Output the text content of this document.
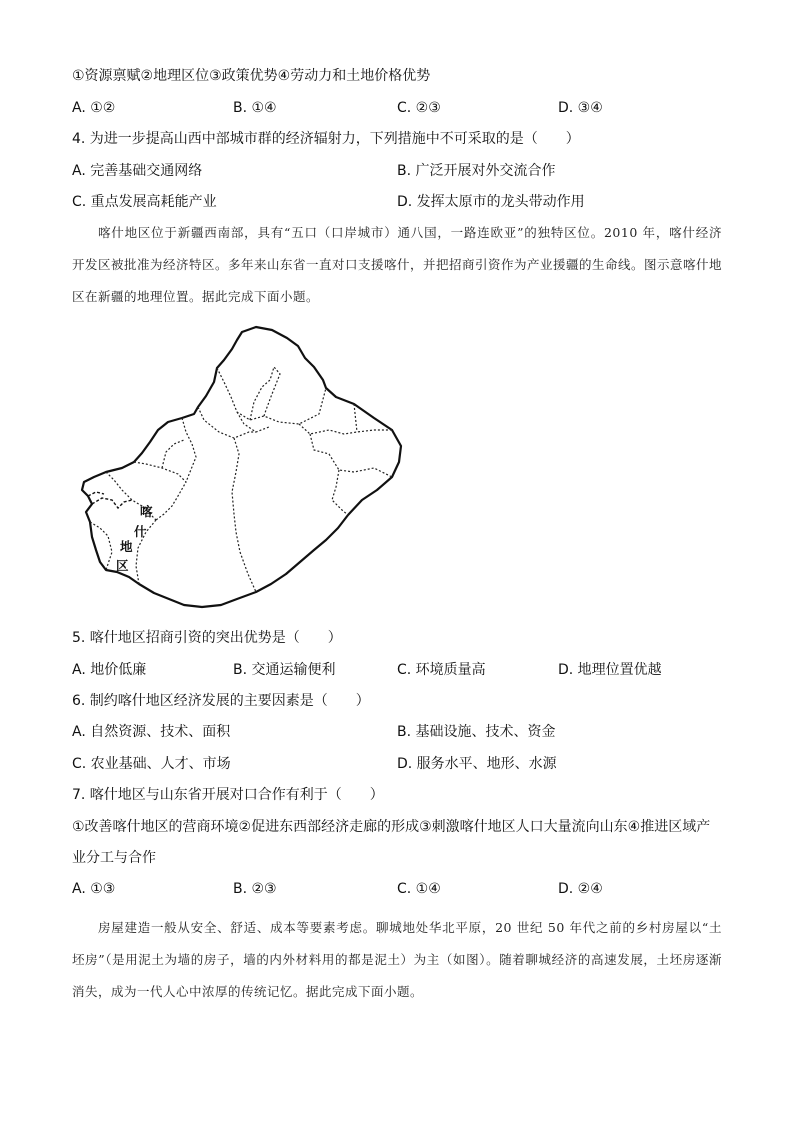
①资源禀赋②地理区位③政策优势④劳动力和土地价格优势
A. ①②	B. ①④	C. ②③	D. ③④
4. 为进一步提高山西中部城市群的经济辐射力，下列措施中不可采取的是（　　）
A. 完善基础交通网络	B. 广泛开展对外交流合作
C. 重点发展高耗能产业	D. 发挥太原市的龙头带动作用

喀什地区位于新疆西南部，具有“五口（口岸城市）通八国，一路连欧亚”的独特区位。2010 年，喀什经济开发区被批准为经济特区。多年来山东省一直对口支援喀什，并把招商引资作为产业援疆的生命线。图示意喀什地区在新疆的地理位置。据此完成下面小题。

喀
什
地
区
5. 喀什地区招商引资的突出优势是（　　）
A. 地价低廉	B. 交通运输便利	C. 环境质量高	D. 地理位置优越
6. 制约喀什地区经济发展的主要因素是（　　）
A. 自然资源、技术、面积	B. 基础设施、技术、资金
C. 农业基础、人才、市场	D. 服务水平、地形、水源
7. 喀什地区与山东省开展对口合作有利于（　　）
①改善喀什地区的营商环境②促进东西部经济走廊的形成③刺激喀什地区人口大量流向山东④推进区域产
业分工与合作
A. ①③	B. ②③	C. ①④	D. ②④

房屋建造一般从安全、舒适、成本等要素考虑。聊城地处华北平原，20 世纪 50 年代之前的乡村房屋以“土坯房”（是用泥土为墙的房子，墙的内外材料用的都是泥土）为主（如图）。随着聊城经济的高速发展，土坯房逐渐消失，成为一代人心中浓厚的传统记忆。据此完成下面小题。
